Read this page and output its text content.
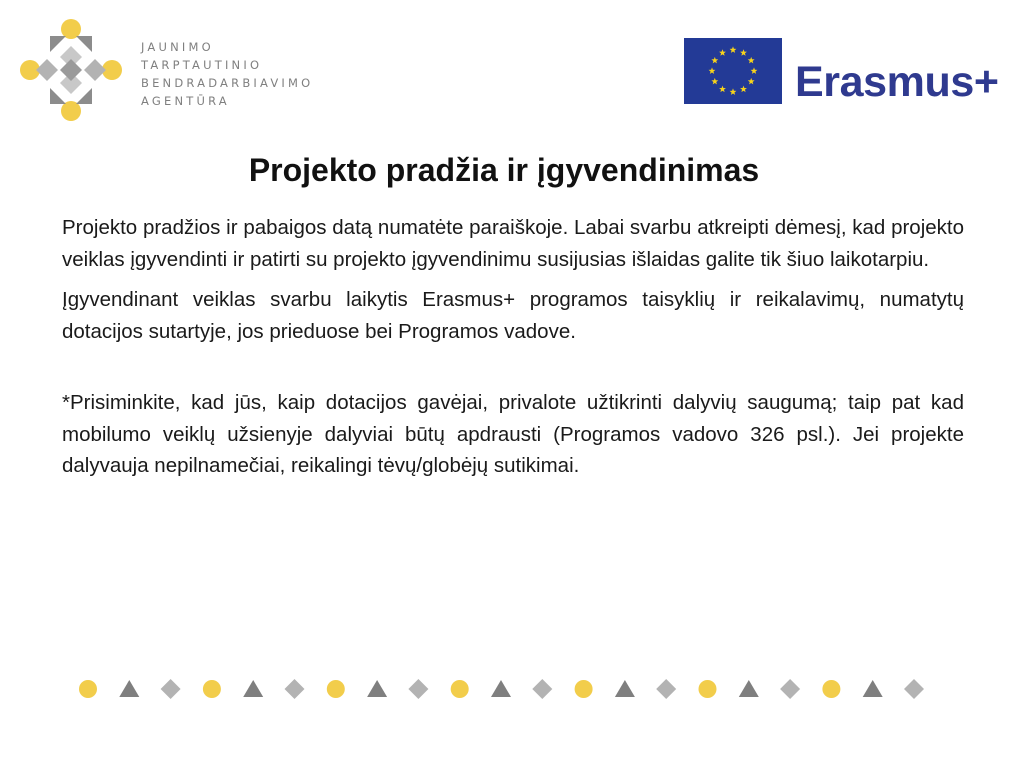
JAUNIMO
TARPTAUTINIO
BENDRADARBIAVIMO
AGENTŪRA	Erasmus+
Projekto pradžia ir įgyvendinimas

Projekto pradžios ir pabaigos datą numatėte paraiškoje. Labai svarbu atkreipti dėmesį, kad projekto veiklas įgyvendinti ir patirti su projekto įgyvendinimu susijusias išlaidas galite tik šiuo laikotarpiu.

Įgyvendinant veiklas svarbu laikytis Erasmus+ programos taisyklių ir reikalavimų, numatytų dotacijos sutartyje, jos prieduose bei Programos vadove.

*Prisiminkite, kad jūs, kaip dotacijos gavėjai, privalote užtikrinti dalyvių saugumą; taip pat kad mobilumo veiklų užsienyje dalyviai būtų apdrausti (Programos vadovo 326 psl.). Jei projekte dalyvauja nepilnamečiai, reikalingi tėvų/globėjų sutikimai.
